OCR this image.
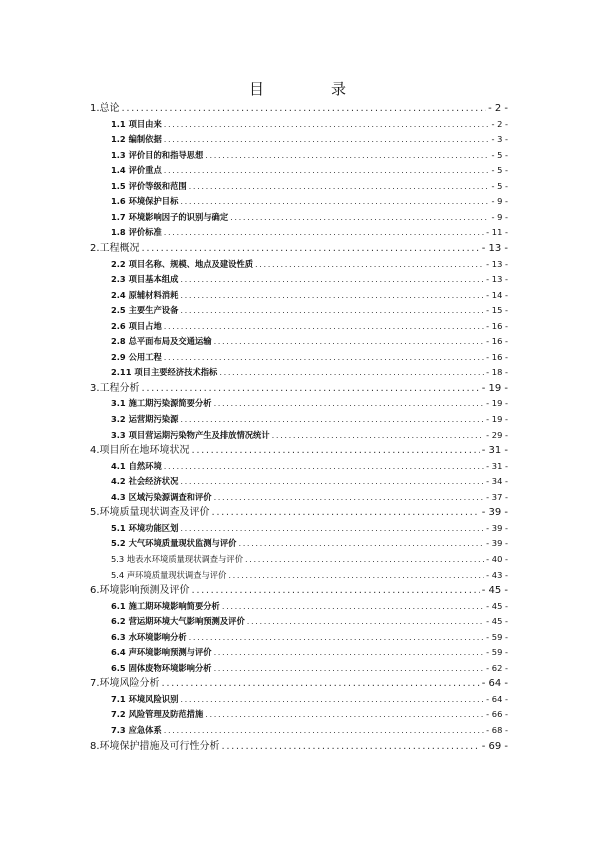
目　录
1.总论 .....	- 2 -
1.1 项目由来 .....	- 2 -
1.2 编制依据 .....	- 3 -
1.3 评价目的和指导思想 .....	- 5 -
1.4 评价重点 .....	- 5 -
1.5 评价等级和范围 .....	- 5 -
1.6 环境保护目标 .....	- 9 -
1.7 环境影响因子的识别与确定 .....	- 9 -
1.8 评价标准 .....	- 11 -
2.工程概况 .....	- 13 -
2.2 项目名称、规模、地点及建设性质 .....	- 13 -
2.3 项目基本组成 .....	- 13 -
2.4 原辅材料消耗 .....	- 14 -
2.5 主要生产设备 .....	- 15 -
2.6 项目占地 .....	- 16 -
2.8 总平面布局及交通运输 .....	- 16 -
2.9 公用工程 .....	- 16 -
2.11 项目主要经济技术指标 .....	- 18 -
3.工程分析 .....	- 19 -
3.1 施工期污染源简要分析 .....	- 19 -
3.2 运营期污染源 .....	- 19 -
3.3 项目营运期污染物产生及排放情况统计 .....	- 29 -
4.项目所在地环境状况 .....	- 31 -
4.1 自然环境 .....	- 31 -
4.2 社会经济状况 .....	- 34 -
4.3 区域污染源调查和评价 .....	- 37 -
5.环境质量现状调查及评价 .....	- 39 -
5.1 环境功能区划 .....	- 39 -
5.2 大气环境质量现状监测与评价 .....	- 39 -
5.3 地表水环境质量现状调查与评价 .....	- 40 -
5.4 声环境质量现状调查与评价 .....	- 43 -
6.环境影响预测及评价 .....	- 45 -
6.1 施工期环境影响简要分析 .....	- 45 -
6.2 营运期环境大气影响预测及评价 .....	- 45 -
6.3 水环境影响分析 .....	- 59 -
6.4 声环境影响预测与评价 .....	- 59 -
6.5 固体废物环境影响分析 .....	- 62 -
7.环境风险分析 .....	- 64 -
7.1 环境风险识别 .....	- 64 -
7.2 风险管理及防范措施 .....	- 66 -
7.3 应急体系 .....	- 68 -
8.环境保护措施及可行性分析 .....	- 69 -
